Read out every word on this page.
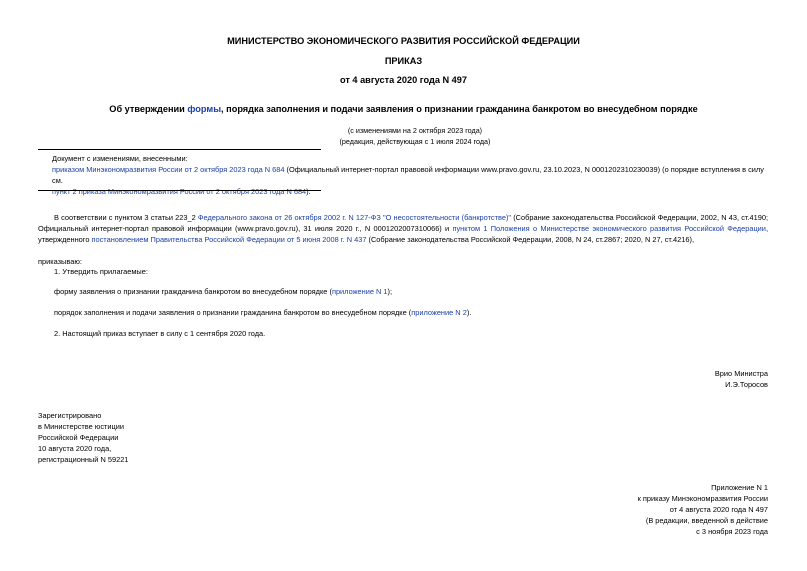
МИНИСТЕРСТВО ЭКОНОМИЧЕСКОГО РАЗВИТИЯ РОССИЙСКОЙ ФЕДЕРАЦИИ
ПРИКАЗ
от 4 августа 2020 года N 497
Об утверждении формы, порядка заполнения и подачи заявления о признании гражданина банкротом во внесудебном порядке
(с изменениями на 2 октября 2023 года)
(редакция, действующая с 1 июля 2024 года)
Документ с изменениями, внесенными:
приказом Минэкономразвития России от 2 октября 2023 года N 684 (Официальный интернет-портал правовой информации www.pravo.gov.ru, 23.10.2023, N 0001202310230039) (о порядке вступления в силу см.
пункт 2 приказа Минэкономразвития России от 2 октября 2023 года N 684).
В соответствии с пунктом 3 статьи 223_2 Федерального закона от 26 октября 2002 г. N 127-ФЗ "О несостоятельности (банкротстве)" (Собрание законодательства Российской Федерации, 2002, N 43, ст.4190; Официальный интернет-портал правовой информации (www.pravo.gov.ru), 31 июля 2020 г., N 0001202007310066) и пунктом 1 Положения о Министерстве экономического развития Российской Федерации, утвержденного постановлением Правительства Российской Федерации от 5 июня 2008 г. N 437 (Собрание законодательства Российской Федерации, 2008, N 24, ст.2867; 2020, N 27, ст.4216),
приказываю:
1. Утвердить прилагаемые:
форму заявления о признании гражданина банкротом во внесудебном порядке (приложение N 1);
порядок заполнения и подачи заявления о признании гражданина банкротом во внесудебном порядке (приложение N 2).
2. Настоящий приказ вступает в силу с 1 сентября 2020 года.
Врио Министра
И.Э.Торосов
Зарегистрировано
в Министерстве юстиции
Российской Федерации
10 августа 2020 года,
регистрационный N 59221
Приложение N 1
к приказу Минэкономразвития России
от 4 августа 2020 года N 497
(В редакции, введенной в действие
с 3 ноября 2023 года
